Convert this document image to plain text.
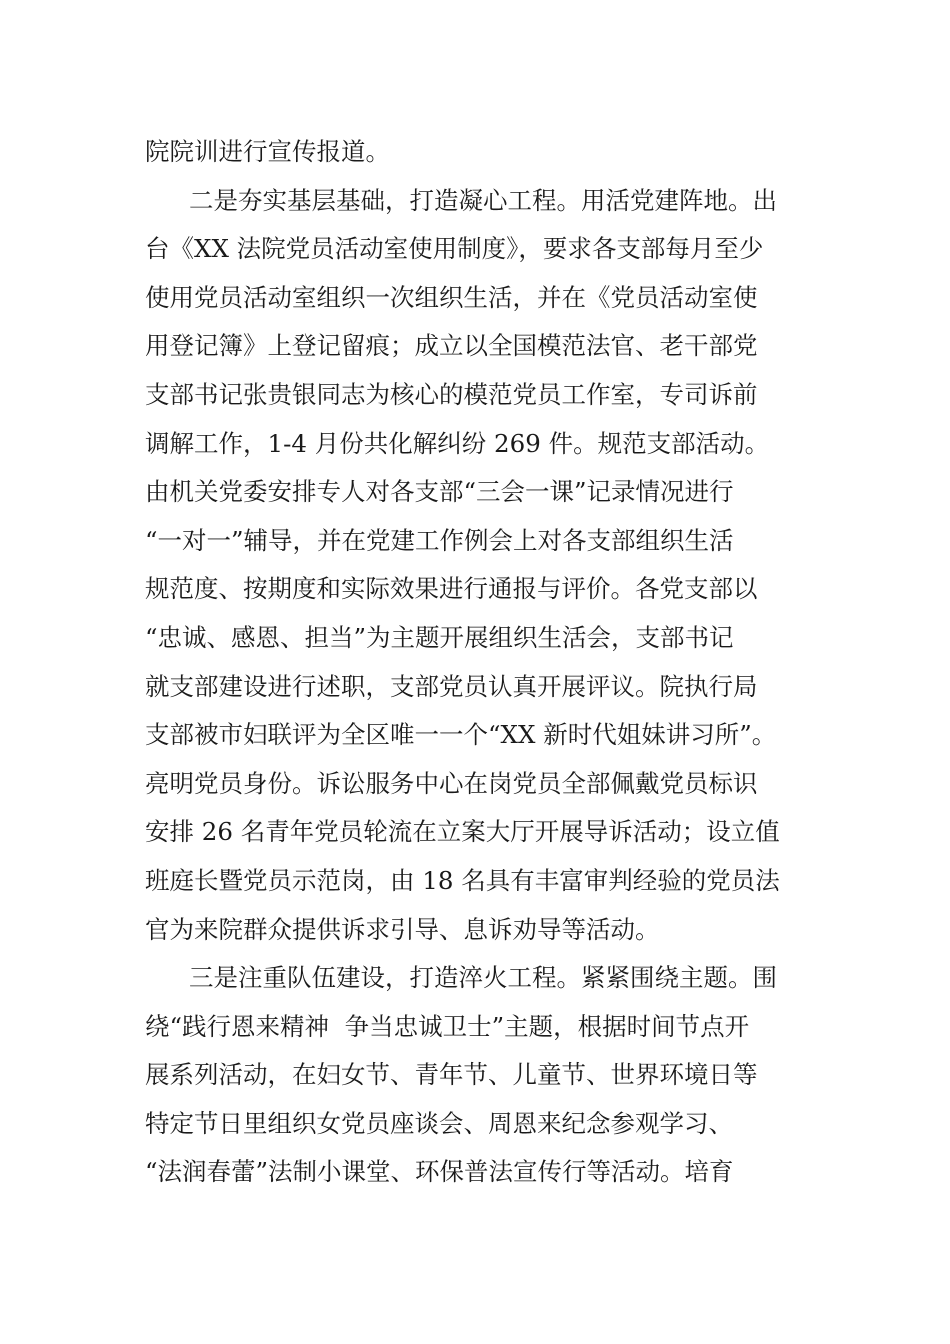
院院训进行宣传报道。
二是夯实基层基础，打造凝心工程。用活党建阵地。出
台《XX 法院党员活动室使用制度》，要求各支部每月至少
使用党员活动室组织一次组织生活，并在《党员活动室使
用登记簿》上登记留痕；成立以全国模范法官、老干部党
支部书记张贵银同志为核心的模范党员工作室，专司诉前
调解工作，1-4 月份共化解纠纷 269 件。规范支部活动。
由机关党委安排专人对各支部“三会一课”记录情况进行
“一对一”辅导，并在党建工作例会上对各支部组织生活
规范度、按期度和实际效果进行通报与评价。各党支部以
“忠诚、感恩、担当”为主题开展组织生活会，支部书记
就支部建设进行述职，支部党员认真开展评议。院执行局
支部被市妇联评为全区唯一一个“XX 新时代姐妹讲习所”。
亮明党员身份。诉讼服务中心在岗党员全部佩戴党员标识
安排 26 名青年党员轮流在立案大厅开展导诉活动；设立值
班庭长暨党员示范岗，由 18 名具有丰富审判经验的党员法
官为来院群众提供诉求引导、息诉劝导等活动。
三是注重队伍建设，打造淬火工程。紧紧围绕主题。围
绕“践行恩来精神  争当忠诚卫士”主题，根据时间节点开
展系列活动，在妇女节、青年节、儿童节、世界环境日等
特定节日里组织女党员座谈会、周恩来纪念参观学习、
“法润春蕾”法制小课堂、环保普法宣传行等活动。培育
